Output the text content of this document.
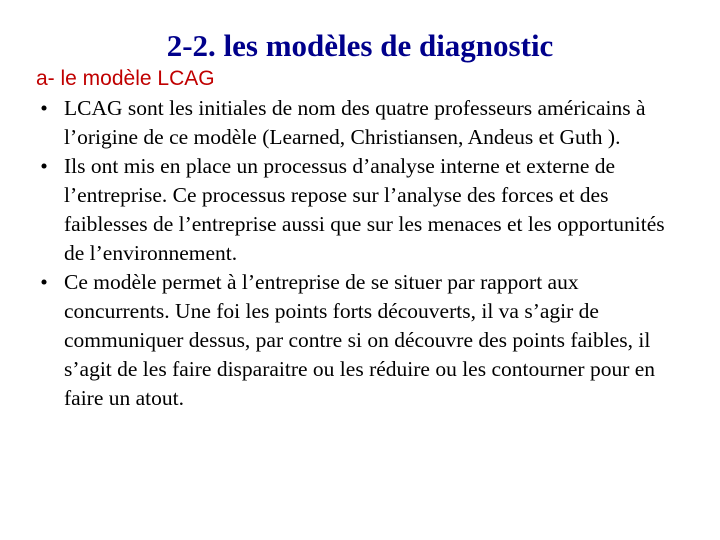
2-2. les modèles de diagnostic

a- le modèle LCAG

• LCAG sont les initiales de nom des quatre professeurs américains à l’origine de ce modèle (Learned, Christiansen, Andeus et Guth ).
• Ils ont mis en place un processus d’analyse interne et externe de l’entreprise. Ce processus repose sur l’analyse des forces et des faiblesses de l’entreprise aussi que sur les menaces et les opportunités de l’environnement.
• Ce modèle permet à l’entreprise de se situer par rapport aux concurrents. Une foi les points forts découverts, il va s’agir de communiquer dessus, par contre si on découvre des points faibles, il s’agit de les faire disparaitre ou les réduire ou les contourner pour en faire un atout.
